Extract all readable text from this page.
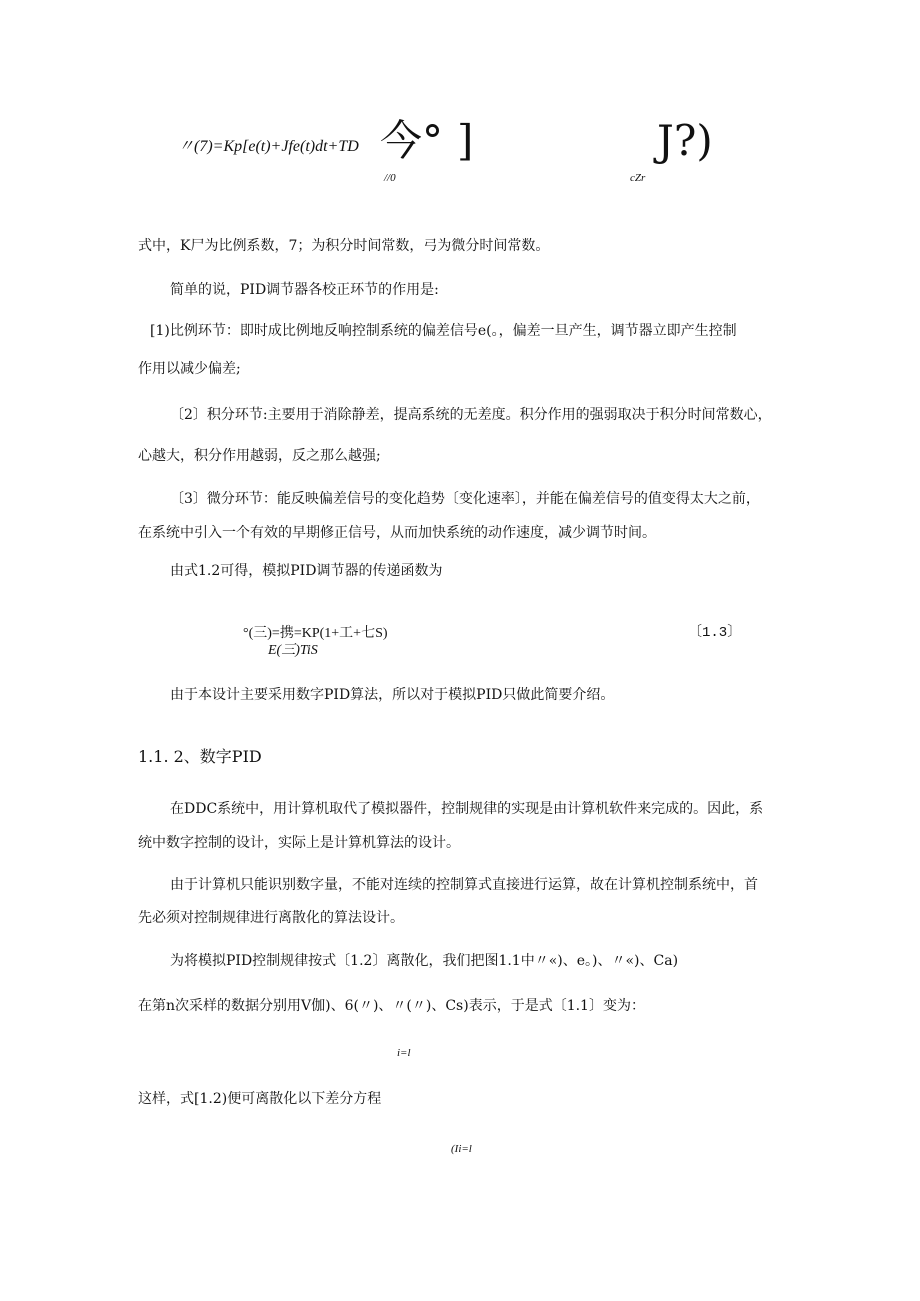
〃(7)=Kp[e(t)+Jfe(t)dt+TD 今° ]	J?)
//0	cZr

式中，K尸为比例系数，7；为积分时间常数，弓为微分时间常数。

简单的说，PID调节器各校正环节的作用是:

[1)比例环节：即时成比例地反响控制系统的偏差信号e(。，偏差一旦产生，调节器立即产生控制

作用以减少偏差;

〔2〕积分环节:主要用于消除静差，提高系统的无差度。积分作用的强弱取决于积分时间常数心，

心越大，积分作用越弱，反之那么越强;

〔3〕微分环节：能反映偏差信号的变化趋势〔变化速率〕，并能在偏差信号的值变得太大之前，

在系统中引入一个有效的早期修正信号，从而加快系统的动作速度，减少调节时间。

由式1.2可得，模拟PID调节器的传递函数为

°(三)=携=KP(1+工+七S)
E(三)TiS
〔1.3〕

由于本设计主要采用数字PID算法，所以对于模拟PID只做此简要介绍。

1.1. 2、数字PID

在DDC系统中，用计算机取代了模拟器件，控制规律的实现是由计算机软件来完成的。因此，系

统中数字控制的设计，实际上是计算机算法的设计。

由于计算机只能识别数字量，不能对连续的控制算式直接进行运算，故在计算机控制系统中，首

先必须对控制规律进行离散化的算法设计。

为将模拟PID控制规律按式〔1.2〕离散化，我们把图1.1中〃«)、e。)、〃«)、Ca)

在第n次采样的数据分别用V伽)、6(〃)、〃(〃)、Cs)表示，于是式〔1.1〕变为：

i=l

这样，式[1.2)便可离散化以下差分方程

(Ii=l
